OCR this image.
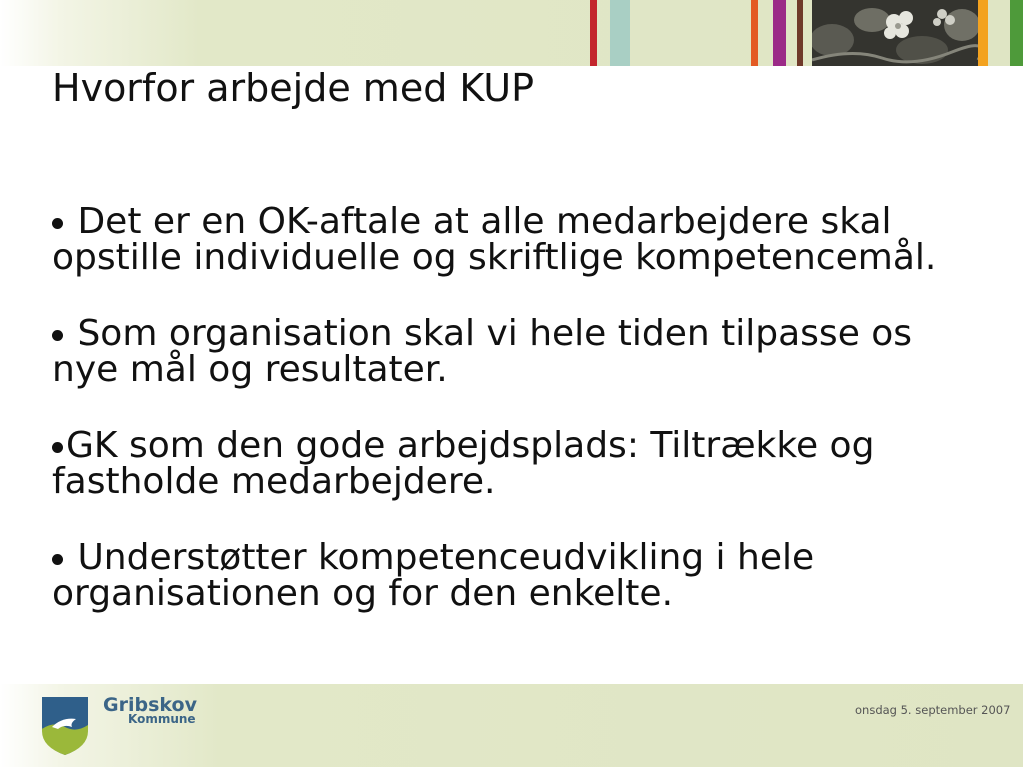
Hvorfor arbejde med KUP
Det er en OK-aftale at alle medarbejdere skal opstille individuelle og skriftlige kompetencemål.
Som organisation skal vi hele tiden tilpasse os nye mål og resultater.
GK som den gode arbejdsplads: Tiltrække og fastholde medarbejdere.
Understøtter kompetenceudvikling i hele organisationen og for den enkelte.
Gribskov
Kommune
onsdag 5. september 2007
